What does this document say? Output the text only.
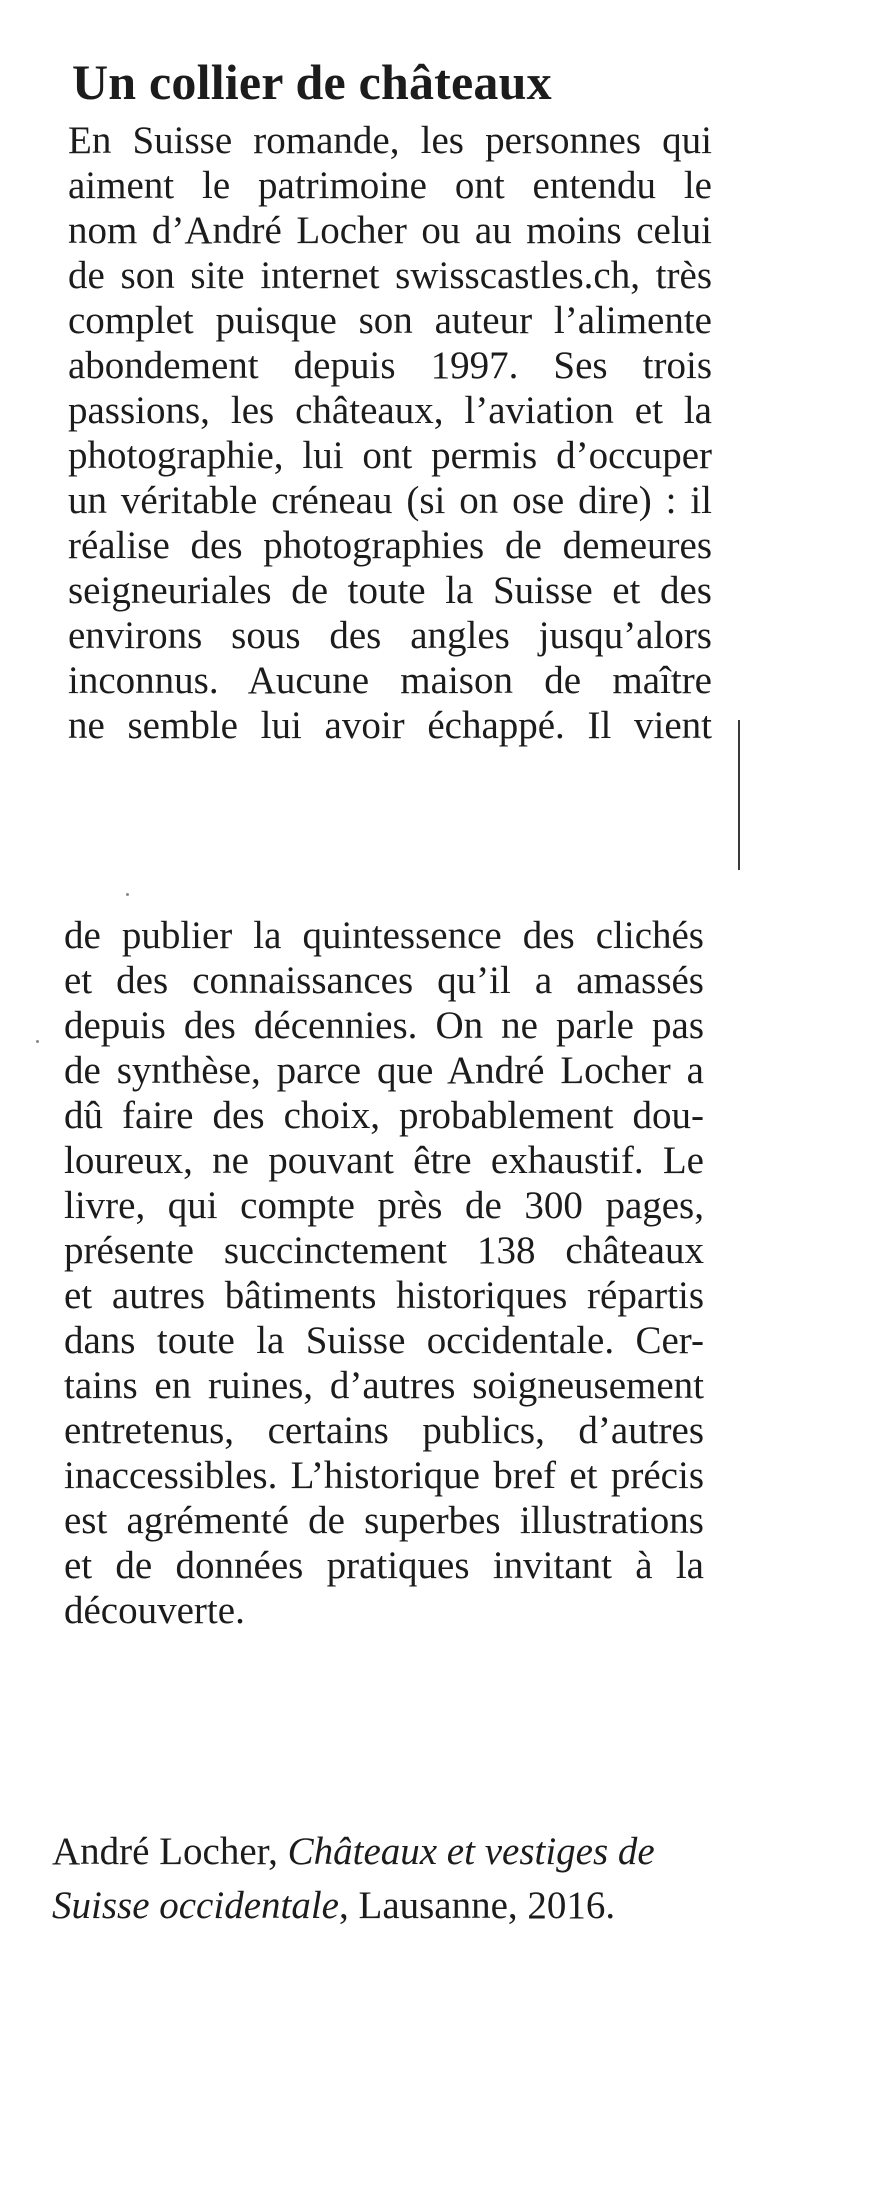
Un collier de châteaux

En Suisse romande, les personnes qui
aiment le patrimoine ont entendu le
nom d’André Locher ou au moins celui
de son site internet swisscastles.ch, très
complet puisque son auteur l’alimente
abondement depuis 1997. Ses trois
passions, les châteaux, l’aviation et la
photographie, lui ont permis d’occuper
un véritable créneau (si on ose dire) : il
réalise des photographies de demeures
seigneuriales de toute la Suisse et des
environs sous des angles jusqu’alors
inconnus. Aucune maison de maître
ne semble lui avoir échappé. Il vient

de publier la quintessence des clichés
et des connaissances qu’il a amassés
depuis des décennies. On ne parle pas
de synthèse, parce que André Locher a
dû faire des choix, probablement dou-
loureux, ne pouvant être exhaustif. Le
livre, qui compte près de 300 pages,
présente succinctement 138 châteaux
et autres bâtiments historiques répartis
dans toute la Suisse occidentale. Cer-
tains en ruines, d’autres soigneusement
entretenus, certains publics, d’autres
inaccessibles. L’historique bref et précis
est agrémenté de superbes illustrations
et de données pratiques invitant à la
découverte.

André Locher, Châteaux et vestiges de
Suisse occidentale, Lausanne, 2016.
